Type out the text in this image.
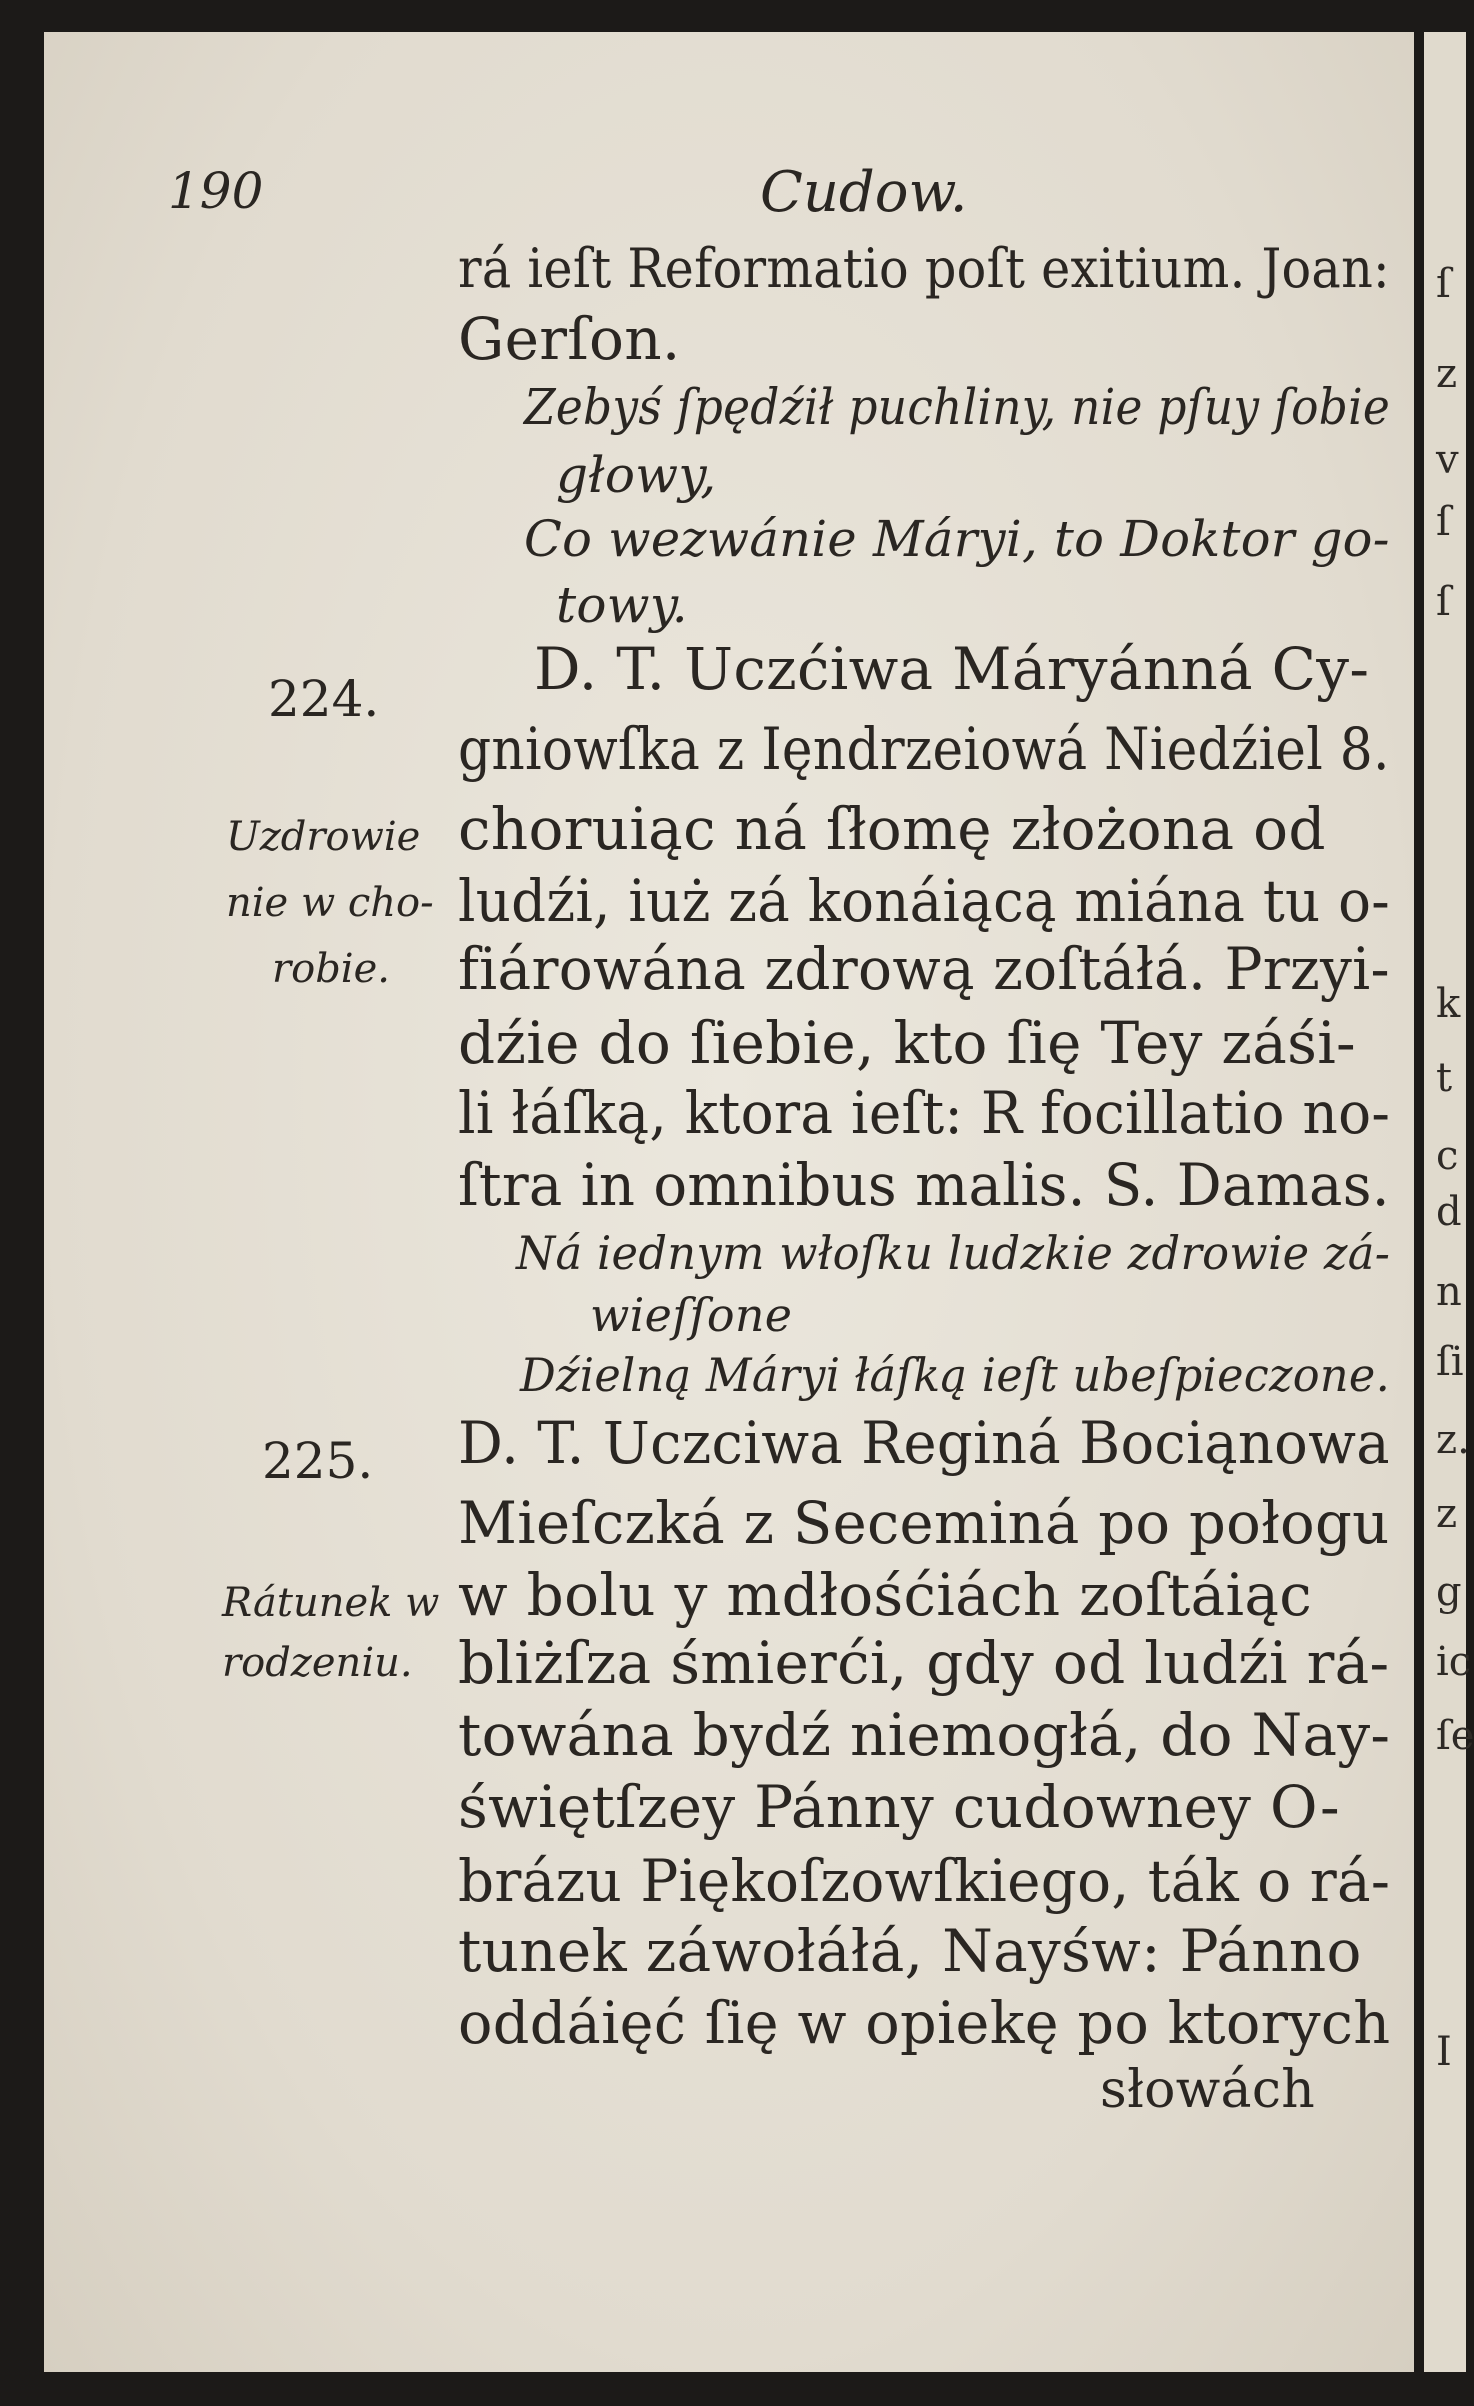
ſ
z
v
ſ
ſ
k
t
c
d
n
ſi
z.
z
g
ic
ſe
I
190	Cudow.
224.
225.
Uzdrowie
nie w cho-
robie.
Rátunek w
rodzeniu.
rá ieſt Reformatio poſt exitium. Joan:
Gerſon.
Zebyś ſpędźił puchliny, nie pſuy ſobie
głowy,
Co wezwánie Máryi, to Doktor go-
towy.
D. T. Uczćiwa Máryánná Cy-
gniowſka z Ięndrzeiowá Niedźiel 8.
choruiąc ná ſłomę złożona od
ludźi, iuż zá konáiącą miána tu o-
fiárowána zdrową zoſtáłá. Przyi-
dźie do ſiebie, kto ſię Tey záśi-
li łáſką, ktora ieſt: R focillatio no-
ſtra in omnibus malis. S. Damas.
Ná iednym włoſku ludzkie zdrowie zá-
wieſſone
Dźielną Máryi łáſką ieſt ubeſpieczone.
D. T. Uczciwa Reginá Bociąnowa
Mieſczká z Seceminá po połogu
w bolu y mdłośćiách zoſtáiąc
bliżſza śmierći, gdy od ludźi rá-
towána bydź niemogłá, do Nay-
świętſzey Pánny cudowney O-
brázu Piękoſzowſkiego, ták o rá-
tunek záwołáłá, Nayśw: Pánno
oddáięć ſię w opiekę po ktorych
słowách
